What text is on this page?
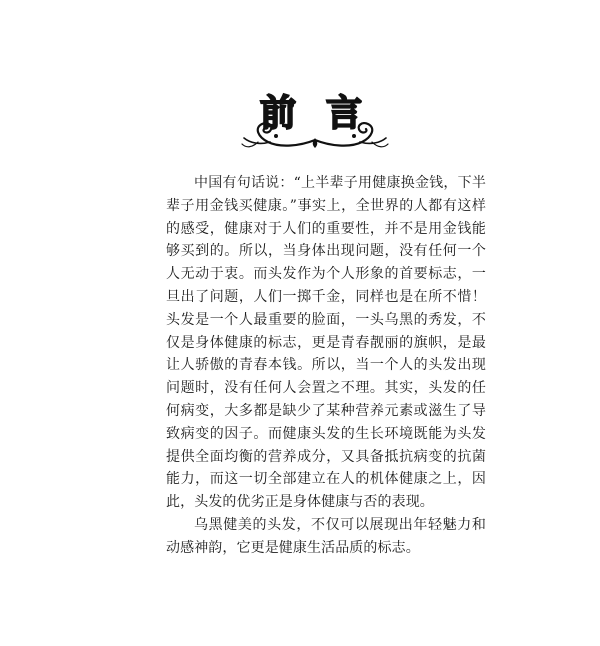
前 言

中国有句话说：“上半辈子用健康换金钱，下半辈子用金钱买健康。”事实上，全世界的人都有这样的感受，健康对于人们的重要性，并不是用金钱能够买到的。所以，当身体出现问题，没有任何一个人无动于衷。而头发作为个人形象的首要标志，一旦出了问题，人们一掷千金，同样也是在所不惜！头发是一个人最重要的脸面，一头乌黑的秀发，不仅是身体健康的标志，更是青春靓丽的旗帜，是最让人骄傲的青春本钱。所以，当一个人的头发出现问题时，没有任何人会置之不理。其实，头发的任何病变，大多都是缺少了某种营养元素或滋生了导致病变的因子。而健康头发的生长环境既能为头发提供全面均衡的营养成分，又具备抵抗病变的抗菌能力，而这一切全部建立在人的机体健康之上，因此，头发的优劣正是身体健康与否的表现。

乌黑健美的头发，不仅可以展现出年轻魅力和动感神韵，它更是健康生活品质的标志。
